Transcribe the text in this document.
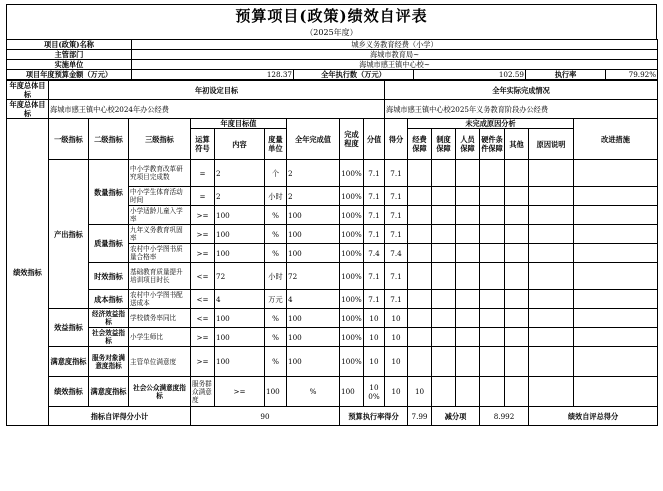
预算项目(政策)绩效自评表
（2025年度）
项目(政策)名称	城乡义务教育经费（小学）				
主管部门	海城市教育局~				
实施单位	海城市感王镇中心校~				
项目年度预算金额（万元）	128.37	全年执行数（万元）	102.59	执行率	79.92%
年度总体目标	年初设定目标									全年实际完成情况								
年度总体目标	海城市感王镇中心校2024年办公经费									海城市感王镇中心校2025年义务教育阶段办公经费								
绩效指标	一级指标	二级指标	三级指标	年度目标值			全年完成值	完成程度	分值	得分	未完成原因分析						改进措施	
				运算符号	内容	度量单位					经费保障	制度保障	人员保障	硬件条件保障	其他	原因说明		
	产出指标	数量指标	中小学教育改革研究项目完成数	=	2	个	2	100%	7.1	7.1								
			中小学生体育活动时间	=	2	小时	2	100%	7.1	7.1								
			小学适龄儿童入学率	>=	100	%	100	100%	7.1	7.1								
		质量指标	九年义务教育巩固率	>=	100	%	100	100%	7.1	7.1								
			农村中小学图书质量合格率	>=	100	%	100	100%	7.4	7.4								
		时效指标	基础教育质量提升培训项目时长	<=	72	小时	72	100%	7.1	7.1								
		成本指标	农村中小学图书配送成本	<=	4	万元	4	100%	7.1	7.1								
	效益指标	经济效益指标	学校债务率同比	<=	100	%	100	100%	10	10								
		社会效益指标	小学生师比	>=	100	%	100	100%	10	10								
	满意度指标	服务对象满意度指标	主管单位满意度	>=	100	%	100	100%	10	10								
	绩效指标	满意度指标	社会公众满意度指标	服务群众满意度	>=	100	%	100	100%	10	10							
	指标自评得分小计			90				预算执行率得分			7.99	减分项		8.992		绩效自评总得分	
